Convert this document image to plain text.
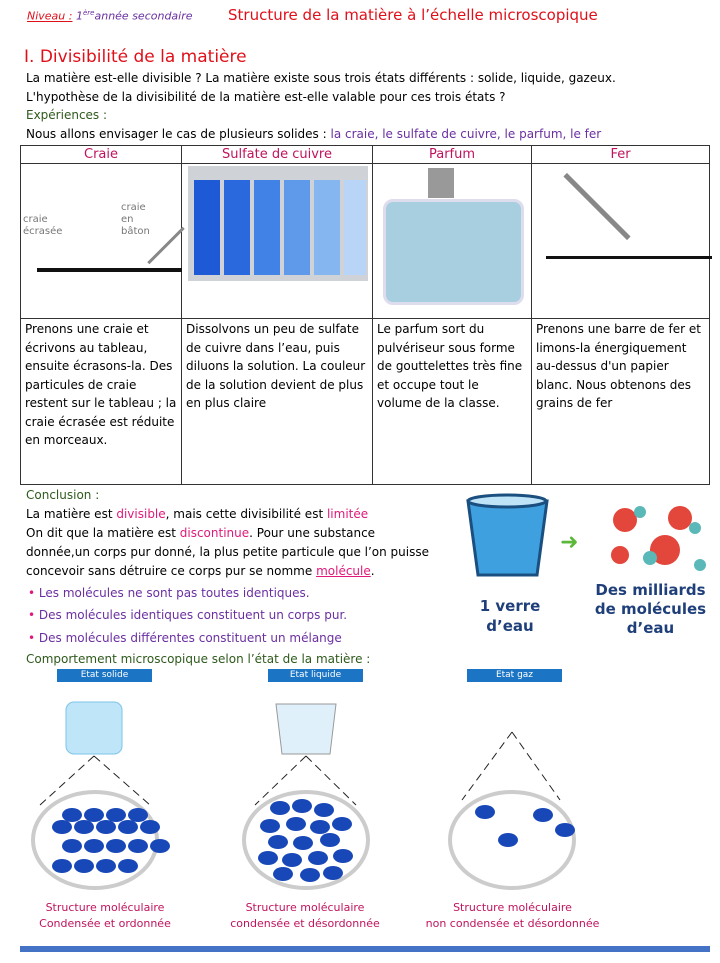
Niveau : 1èreannée secondaire Structure de la matière à l’échelle microscopique
I. Divisibilité de la matière
La matière est-elle divisible ? La matière existe sous trois états différents : solide, liquide, gazeux.
L'hypothèse de la divisibilité de la matière est-elle valable pour ces trois états ?
Expériences :
Nous allons envisager le cas de plusieurs solides : la craie, le sulfate de cuivre, le parfum, le fer
Craie	Sulfate de cuivre	Parfum	Fer

craie écrasée
craie en bâton			

Prenons une craie et écrivons au tableau, ensuite écrasons-la. Des particules de craie restent sur le tableau ; la craie écrasée est réduite en morceaux.	Dissolvons un peu de sulfate de cuivre dans l’eau, puis diluons la solution. La couleur de la solution devient de plus en plus claire	Le parfum sort du pulvériseur sous forme de gouttelettes très fine et occupe tout le volume de la classe.	Prenons une barre de fer et limons-la énergiquement au-dessus d'un papier blanc. Nous obtenons des grains de fer
Conclusion :
La matière est divisible, mais cette divisibilité est limitée
On dit que la matière est discontinue. Pour une substance
donnée,un corps pur donné, la plus petite particule que l’on puisse
concevoir sans détruire ce corps pur se nomme molécule.
• Les molécules ne sont pas toutes identiques.
• Des molécules identiques constituent un corps pur.
• Des molécules différentes constituent un mélange
➜
1 verre
d’eau
Des milliards
de molécules
d’eau
Comportement microscopique selon l’état de la matière :
Etat solide	Etat liquide	Etat gaz
Structure moléculaire
Condensée et ordonnée
Structure moléculaire
condensée et désordonnée
Structure moléculaire
non condensée et désordonnée
